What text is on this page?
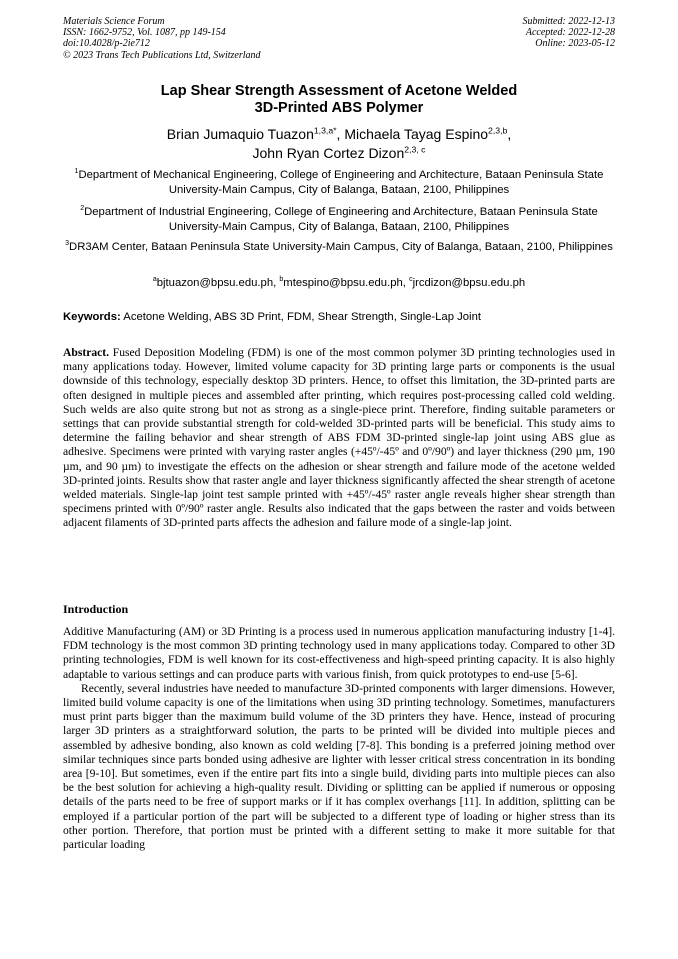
Materials Science Forum
ISSN: 1662-9752, Vol. 1087, pp 149-154
doi:10.4028/p-2ie712
© 2023 Trans Tech Publications Ltd, Switzerland
Submitted: 2022-12-13
Accepted: 2022-12-28
Online: 2023-05-12
Lap Shear Strength Assessment of Acetone Welded
3D-Printed ABS Polymer
Brian Jumaquio Tuazon$^{1,3,a*}$, Michaela Tayag Espino$^{2,3,b}$,
John Ryan Cortez Dizon$^{2,3, c}$
$^1$Department of Mechanical Engineering, College of Engineering and Architecture, Bataan Peninsula State University-Main Campus, City of Balanga, Bataan, 2100, Philippines
$^2$Department of Industrial Engineering, College of Engineering and Architecture, Bataan Peninsula State University-Main Campus, City of Balanga, Bataan, 2100, Philippines
$^3$DR3AM Center, Bataan Peninsula State University-Main Campus, City of Balanga, Bataan, 2100, Philippines
$^a$bjtuazon@bpsu.edu.ph, $^b$mtespino@bpsu.edu.ph, $^c$jrcdizon@bpsu.edu.ph
Keywords: Acetone Welding, ABS 3D Print, FDM, Shear Strength, Single-Lap Joint
Abstract. Fused Deposition Modeling (FDM) is one of the most common polymer 3D printing technologies used in many applications today. However, limited volume capacity for 3D printing large parts or components is the usual downside of this technology, especially desktop 3D printers. Hence, to offset this limitation, the 3D-printed parts are often designed in multiple pieces and assembled after printing, which requires post-processing called cold welding. Such welds are also quite strong but not as strong as a single-piece print. Therefore, finding suitable parameters or settings that can provide substantial strength for cold-welded 3D-printed parts will be beneficial. This study aims to determine the failing behavior and shear strength of ABS FDM 3D-printed single-lap joint using ABS glue as adhesive. Specimens were printed with varying raster angles (+45º/-45º and 0º/90º) and layer thickness (290 µm, 190 µm, and 90 µm) to investigate the effects on the adhesion or shear strength and failure mode of the acetone welded 3D-printed joints. Results show that raster angle and layer thickness significantly affected the shear strength of acetone welded materials. Single-lap joint test sample printed with +45º/-45º raster angle reveals higher shear strength than specimens printed with 0º/90º raster angle. Results also indicated that the gaps between the raster and voids between adjacent filaments of 3D-printed parts affects the adhesion and failure mode of a single-lap joint.
Introduction

Additive Manufacturing (AM) or 3D Printing is a process used in numerous application manufacturing industry [1-4]. FDM technology is the most common 3D printing technology used in many applications today. Compared to other 3D printing technologies, FDM is well known for its cost-effectiveness and high-speed printing capacity. It is also highly adaptable to various settings and can produce parts with various finish, from quick prototypes to end-use [5-6].

Recently, several industries have needed to manufacture 3D-printed components with larger dimensions. However, limited build volume capacity is one of the limitations when using 3D printing technology. Sometimes, manufacturers must print parts bigger than the maximum build volume of the 3D printers they have. Hence, instead of procuring larger 3D printers as a straightforward solution, the parts to be printed will be divided into multiple pieces and assembled by adhesive bonding, also known as cold welding [7-8]. This bonding is a preferred joining method over similar techniques since parts bonded using adhesive are lighter with lesser critical stress concentration in its bonding area [9-10]. But sometimes, even if the entire part fits into a single build, dividing parts into multiple pieces can also be the best solution for achieving a high-quality result. Dividing or splitting can be applied if numerous or opposing details of the parts need to be free of support marks or if it has complex overhangs [11]. In addition, splitting can be employed if a particular portion of the part will be subjected to a different type of loading or higher stress than its other portion. Therefore, that portion must be printed with a different setting to make it more suitable for that particular loading
